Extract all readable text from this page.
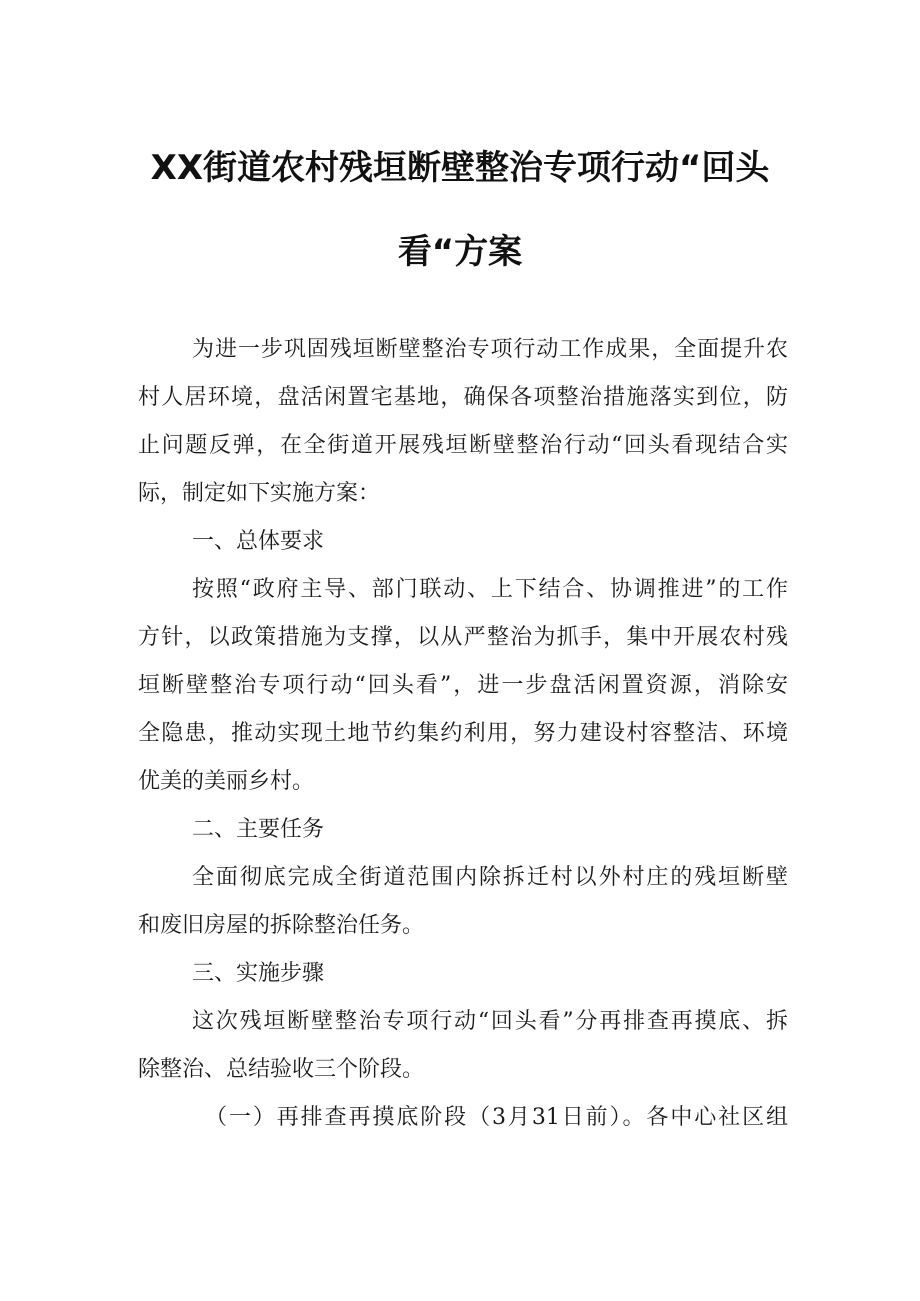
XX街道农村残垣断壁整治专项行动“回头
看“方案
为进一步巩固残垣断壁整治专项行动工作成果，全面提升农
村人居环境，盘活闲置宅基地，确保各项整治措施落实到位，防
止问题反弹，在全街道开展残垣断壁整治行动“回头看现结合实
际，制定如下实施方案：
一、总体要求
按照“政府主导、部门联动、上下结合、协调推进”的工作
方针，以政策措施为支撑，以从严整治为抓手，集中开展农村残
垣断壁整治专项行动“回头看”，进一步盘活闲置资源，消除安
全隐患，推动实现土地节约集约利用，努力建设村容整洁、环境
优美的美丽乡村。
二、主要任务
全面彻底完成全街道范围内除拆迁村以外村庄的残垣断壁
和废旧房屋的拆除整治任务。
三、实施步骤
这次残垣断壁整治专项行动“回头看”分再排查再摸底、拆
除整治、总结验收三个阶段。
（一）再排查再摸底阶段（3月31日前）。各中心社区组
